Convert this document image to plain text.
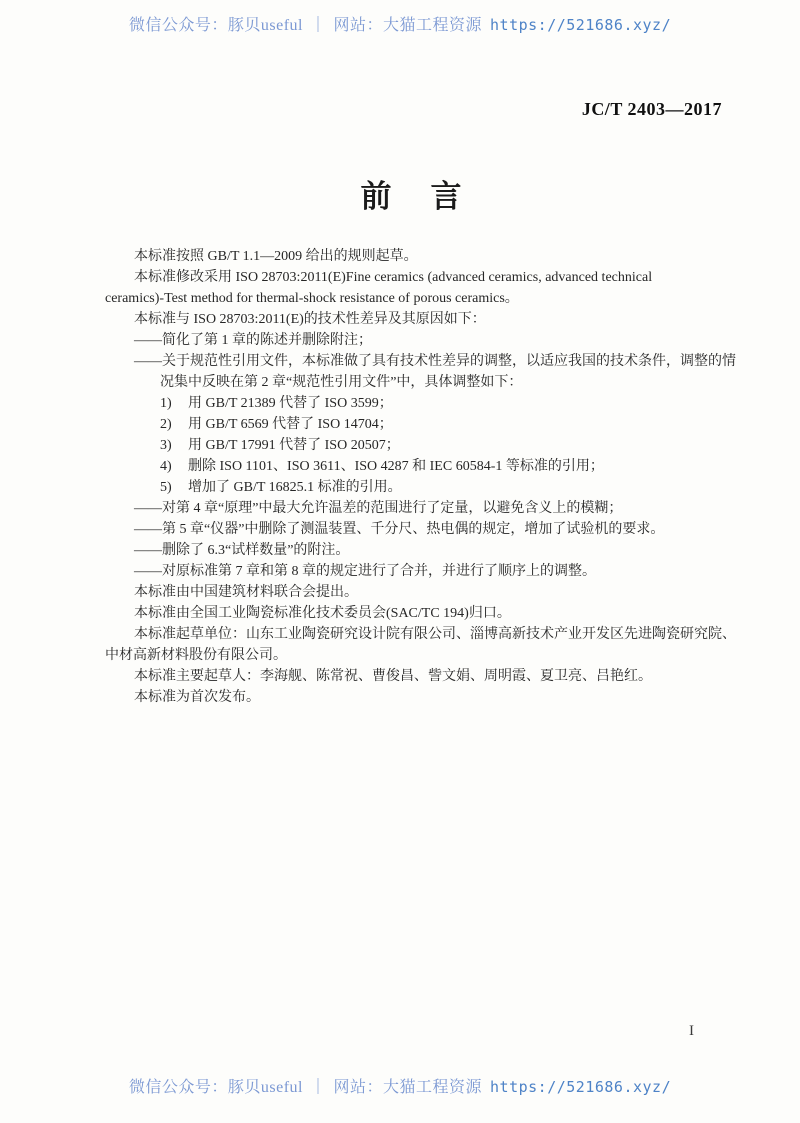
微信公众号：豚贝useful ｜ 网站：大猫工程资源 https://521686.xyz/
JC/T 2403—2017
前　言
本标准按照 GB/T 1.1—2009 给出的规则起草。
本标准修改采用 ISO 28703:2011(E)Fine ceramics (advanced ceramics, advanced technical
ceramics)-Test method for thermal-shock resistance of porous ceramics。
本标准与 ISO 28703:2011(E)的技术性差异及其原因如下：
——简化了第 1 章的陈述并删除附注；
——关于规范性引用文件，本标准做了具有技术性差异的调整，以适应我国的技术条件，调整的情
况集中反映在第 2 章“规范性引用文件”中，具体调整如下：
1) 用 GB/T 21389 代替了 ISO 3599；
2) 用 GB/T 6569 代替了 ISO 14704；
3) 用 GB/T 17991 代替了 ISO 20507；
4) 删除 ISO 1101、ISO 3611、ISO 4287 和 IEC 60584-1 等标准的引用；
5) 增加了 GB/T 16825.1 标准的引用。
——对第 4 章“原理”中最大允许温差的范围进行了定量，以避免含义上的模糊；
——第 5 章“仪器”中删除了测温装置、千分尺、热电偶的规定，增加了试验机的要求。
——删除了 6.3“试样数量”的附注。
——对原标准第 7 章和第 8 章的规定进行了合并，并进行了顺序上的调整。
本标准由中国建筑材料联合会提出。
本标准由全国工业陶瓷标准化技术委员会(SAC/TC 194)归口。
本标准起草单位：山东工业陶瓷研究设计院有限公司、淄博高新技术产业开发区先进陶瓷研究院、
中材高新材料股份有限公司。
本标准主要起草人：李海舰、陈常祝、曹俊昌、訾文娟、周明霞、夏卫亮、吕艳红。
本标准为首次发布。
I
微信公众号：豚贝useful ｜ 网站：大猫工程资源 https://521686.xyz/
